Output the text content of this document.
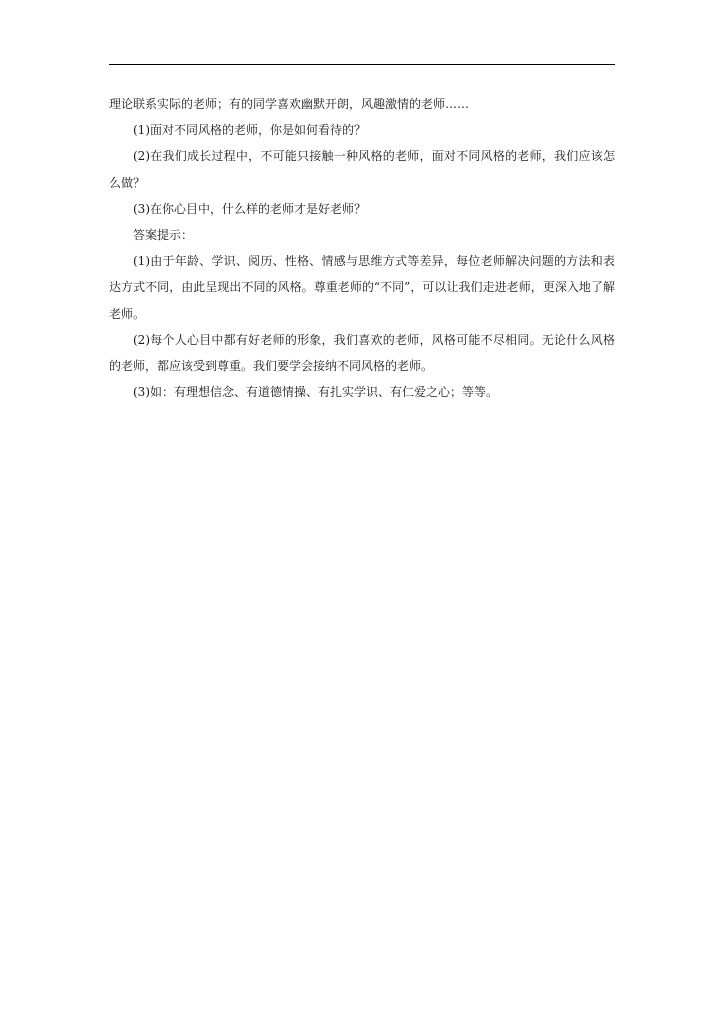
理论联系实际的老师；有的同学喜欢幽默开朗，风趣激情的老师……

(1)面对不同风格的老师，你是如何看待的？

(2)在我们成长过程中，不可能只接触一种风格的老师，面对不同风格的老师，我们应该怎么做？

(3)在你心目中，什么样的老师才是好老师？

答案提示：

(1)由于年龄、学识、阅历、性格、情感与思维方式等差异，每位老师解决问题的方法和表达方式不同，由此呈现出不同的风格。尊重老师的“不同”，可以让我们走进老师，更深入地了解老师。

(2)每个人心目中都有好老师的形象，我们喜欢的老师，风格可能不尽相同。无论什么风格的老师，都应该受到尊重。我们要学会接纳不同风格的老师。

(3)如：有理想信念、有道德情操、有扎实学识、有仁爱之心；等等。
